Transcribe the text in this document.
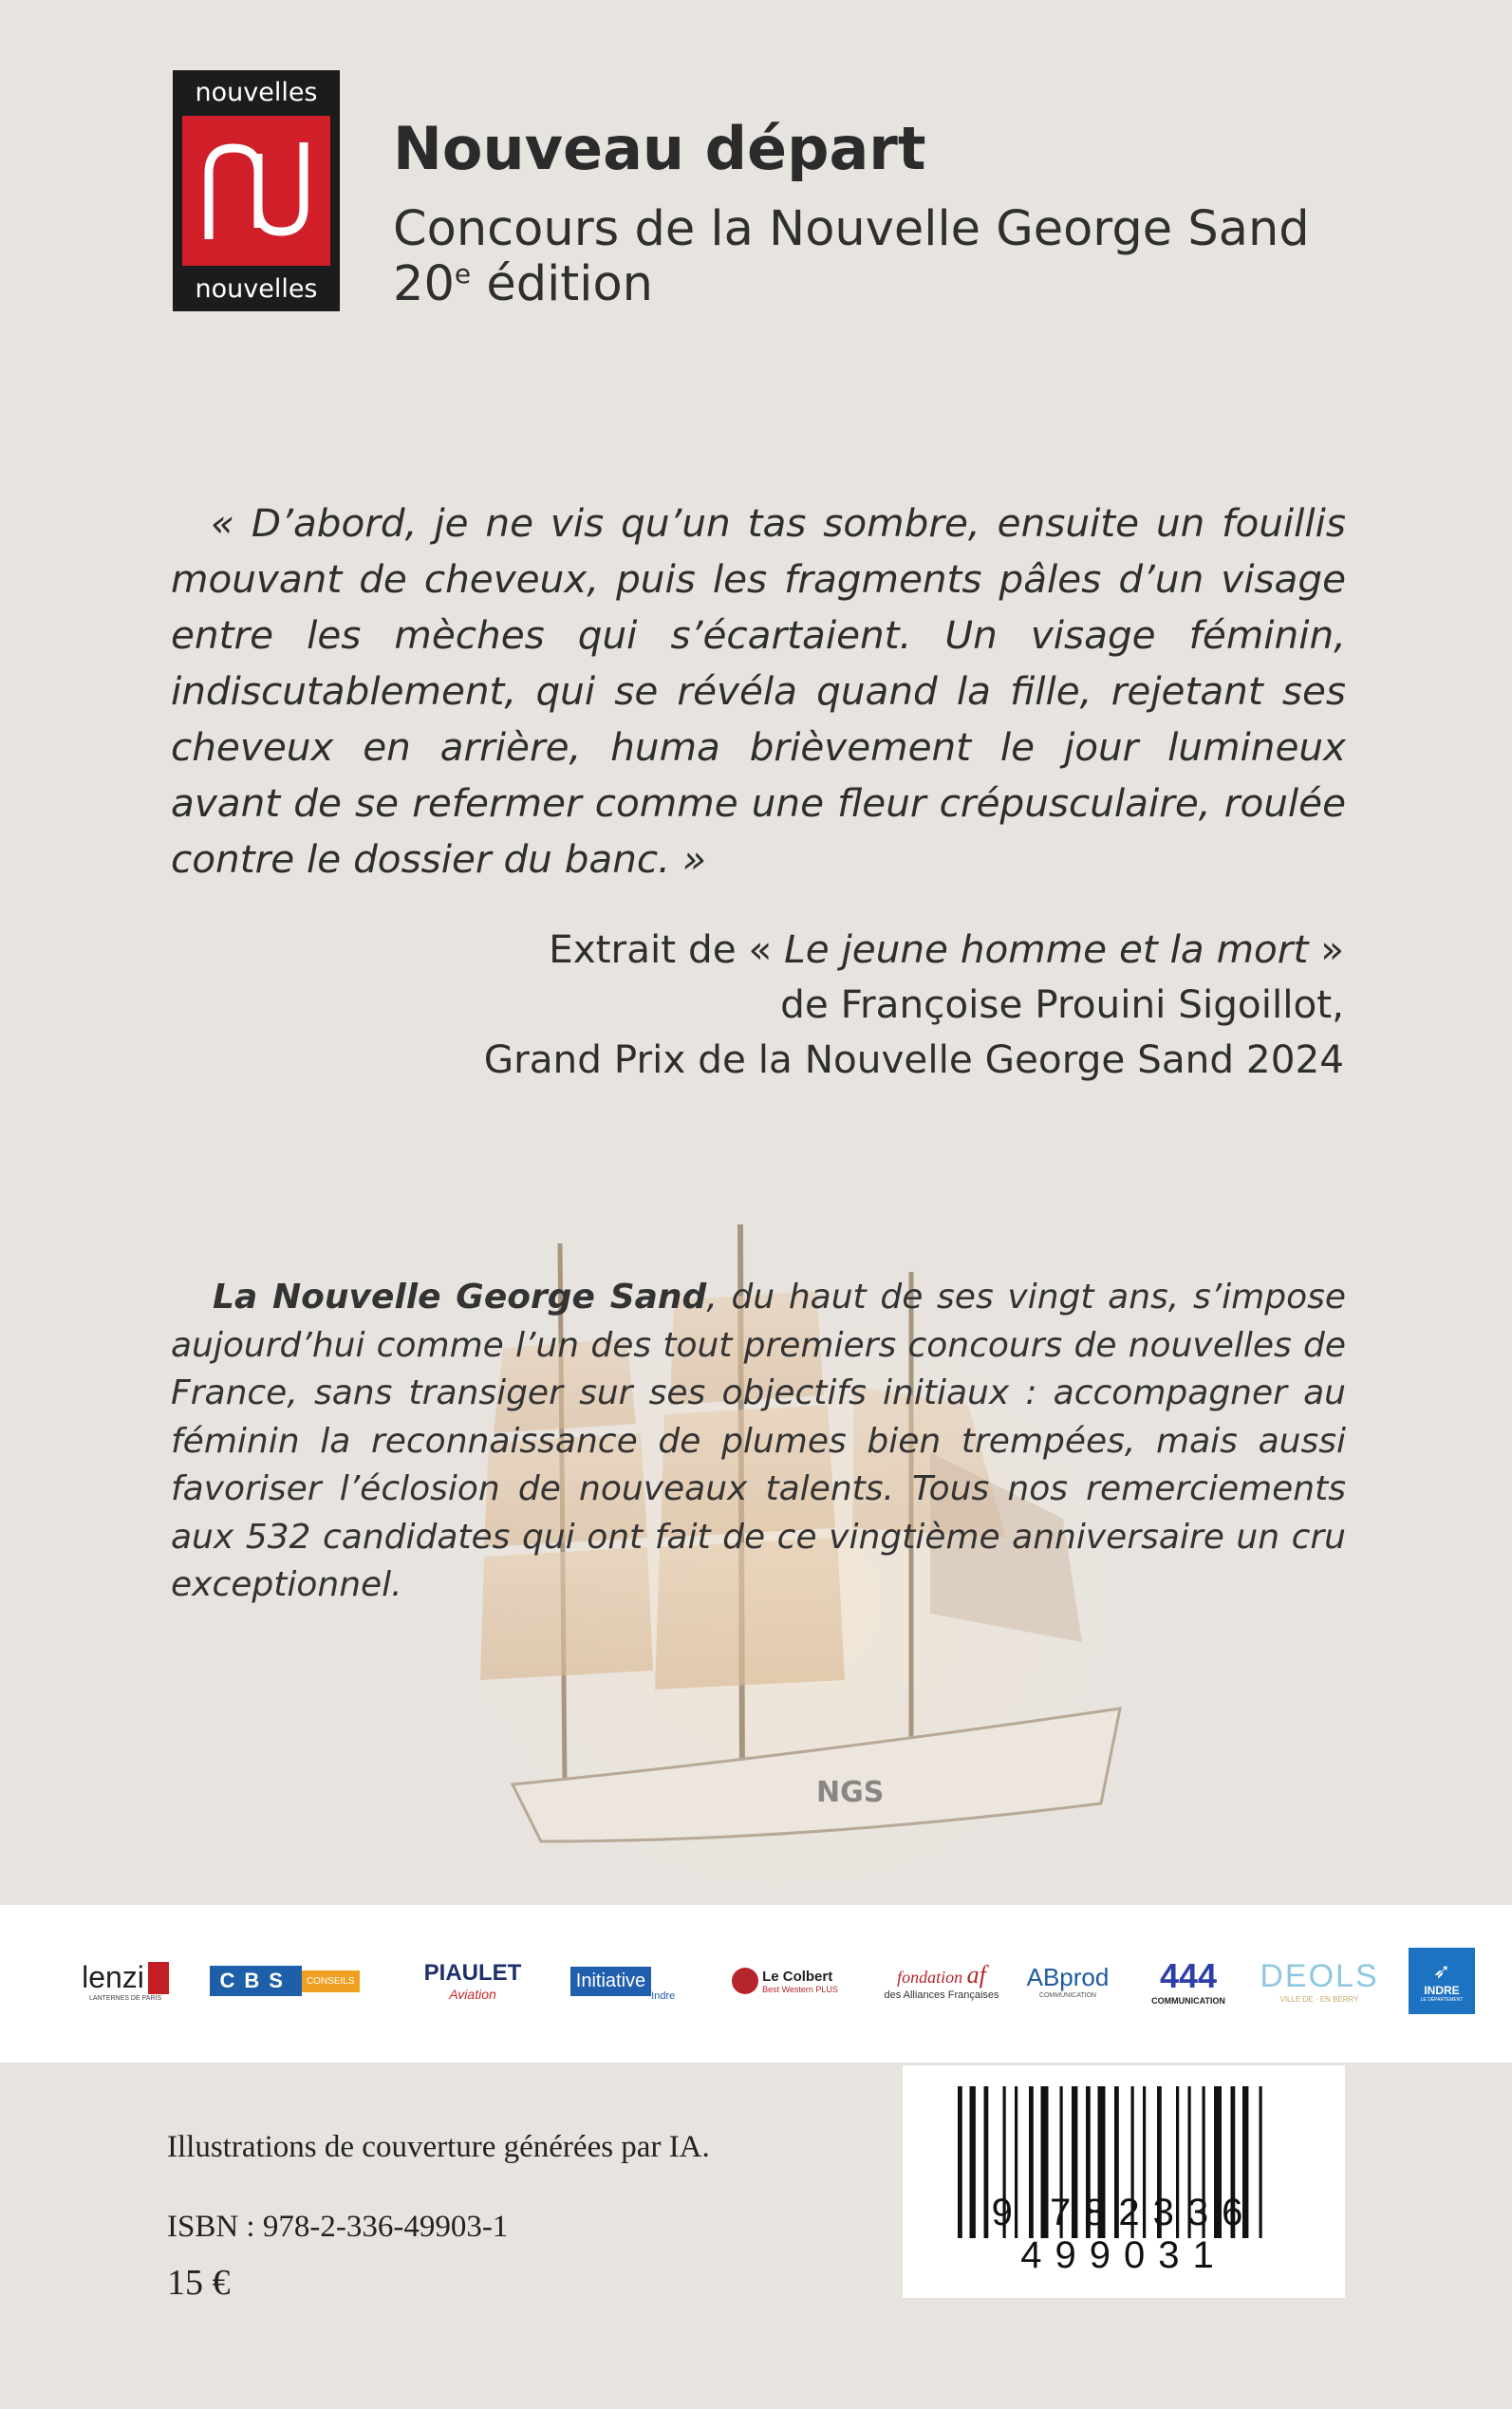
nouvelles
nouvelles
Nouveau départ
Concours de la Nouvelle George Sand
20e édition
« D’abord, je ne vis qu’un tas sombre, ensuite un fouillis mouvant de cheveux, puis les fragments pâles d’un visage entre les mèches qui s’écartaient. Un visage féminin, indiscutablement, qui se révéla quand la fille, rejetant ses cheveux en arrière, huma brièvement le jour lumineux avant de se refermer comme une fleur crépusculaire, roulée contre le dossier du banc. »
Extrait de « Le jeune homme et la mort »
de Françoise Prouini Sigoillot,
Grand Prix de la Nouvelle George Sand 2024
NGS
La Nouvelle George Sand, du haut de ses vingt ans, s’impose aujourd’hui comme l’un des tout premiers concours de nouvelles de France, sans transiger sur ses objectifs initiaux : accompagner au féminin la reconnaissance de plumes bien trempées, mais aussi favoriser l’éclosion de nouveaux talents. Tous nos remerciements aux 532 candidates qui ont fait de ce vingtième anniversaire un cru exceptionnel.
lenzi
LANTERNES DE PARIS
CBS	CONSEILS	PIAULET
Aviation
Initiative
Indre
Le Colbert
Best Western PLUS
fondation af
des Alliances Françaises
ABprod
COMMUNICATION
444
COMMUNICATION
DEOLS
VILLE DE · EN BERRY
➶
INDRE
LE DÉPARTEMENT
Illustrations de couverture générées par IA.
ISBN : 978-2-336-49903-1
15 €
9 782336 499031
